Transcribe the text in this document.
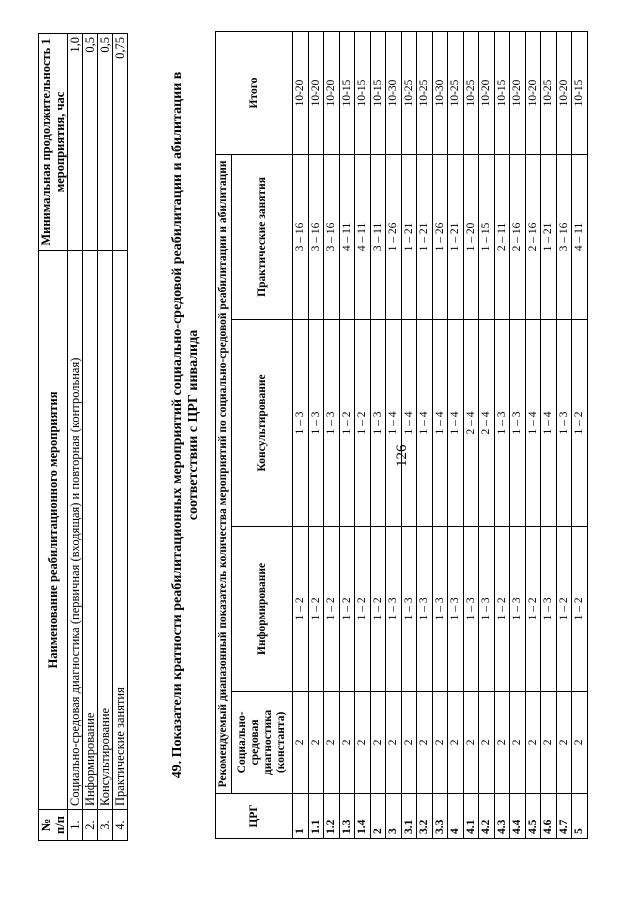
126
№ п/п	Наименование реабилитационного мероприятия	Минимальная продолжительность 1 мероприятия, час
1.	Социально-средовая диагностика (первичная (входящая) и повторная (контрольная)	1,0
2.	Информирование	0,5
3.	Консультирование	0,5
4.	Практические занятия	0,75
49. Показатели кратности реабилитационных мероприятий социально-средовой реабилитации и абилитации в соответствии с ЦРГ инвалида
ЦРГ	Рекомендуемый диапазонный показатель количества мероприятий по социально-средовой реабилитации и абилитации				Итого
	Социально-средовая диагностика (константа)	Информирование	Консультирование	Практические занятия	
1	2	1 – 2	1 – 3	3 – 16	10-20
1.1	2	1 – 2	1 – 3	3 – 16	10-20
1.2	2	1 – 2	1 – 3	3 – 16	10-20
1.3	2	1 – 2	1 – 2	4 – 11	10-15
1.4	2	1 – 2	1 – 2	4 – 11	10-15
2	2	1 – 2	1 – 3	3 – 11	10-15
3	2	1 – 3	1 – 4	1 – 26	10-30
3.1	2	1 – 3	1 – 4	1 – 21	10-25
3.2	2	1 – 3	1 – 4	1 – 21	10-25
3.3	2	1 – 3	1 – 4	1 – 26	10-30
4	2	1 – 3	1 – 4	1 – 21	10-25
4.1	2	1 – 3	2 – 4	1 – 20	10-25
4.2	2	1 – 3	2 – 4	1 – 15	10-20
4.3	2	1 – 2	1 – 3	2 – 11	10-15
4.4	2	1 – 3	1 – 3	2 – 16	10-20
4.5	2	1 – 2	1 – 4	2 – 16	10-20
4.6	2	1 – 3	1 – 4	1 – 21	10-25
4.7	2	1 – 2	1 – 3	3 – 16	10-20
5	2	1 – 2	1 – 2	4 – 11	10-15
